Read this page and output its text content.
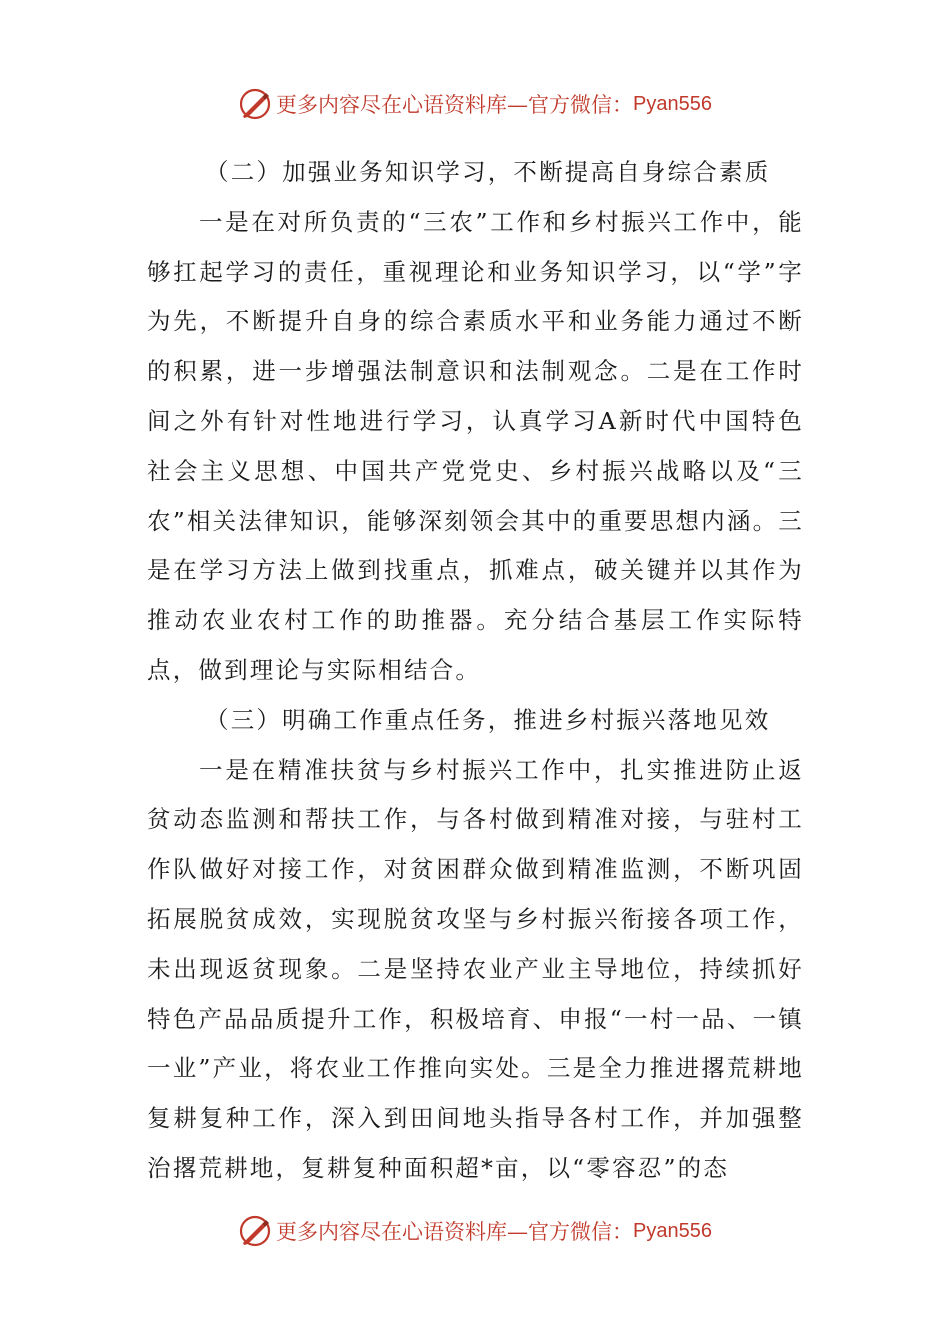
更多内容尽在心语资料库—官方微信： Pyan556

（二）加强业务知识学习，不断提高自身综合素质

一是在对所负责的“三农”工作和乡村振兴工作中，能够扛起学习的责任，重视理论和业务知识学习，以“学”字为先，不断提升自身的综合素质水平和业务能力通过不断的积累，进一步增强法制意识和法制观念。二是在工作时间之外有针对性地进行学习，认真学习A新时代中国特色社会主义思想、中国共产党党史、乡村振兴战略以及“三农”相关法律知识，能够深刻领会其中的重要思想内涵。三是在学习方法上做到找重点，抓难点，破关键并以其作为推动农业农村工作的助推器。充分结合基层工作实际特点，做到理论与实际相结合。

（三）明确工作重点任务，推进乡村振兴落地见效

一是在精准扶贫与乡村振兴工作中，扎实推进防止返贫动态监测和帮扶工作，与各村做到精准对接，与驻村工作队做好对接工作，对贫困群众做到精准监测，不断巩固拓展脱贫成效，实现脱贫攻坚与乡村振兴衔接各项工作，未出现返贫现象。二是坚持农业产业主导地位，持续抓好特色产品品质提升工作，积极培育、申报“一村一品、一镇一业”产业，将农业工作推向实处。三是全力推进撂荒耕地复耕复种工作，深入到田间地头指导各村工作，并加强整治撂荒耕地，复耕复种面积超*亩，以“零容忍”的态

更多内容尽在心语资料库—官方微信： Pyan556
